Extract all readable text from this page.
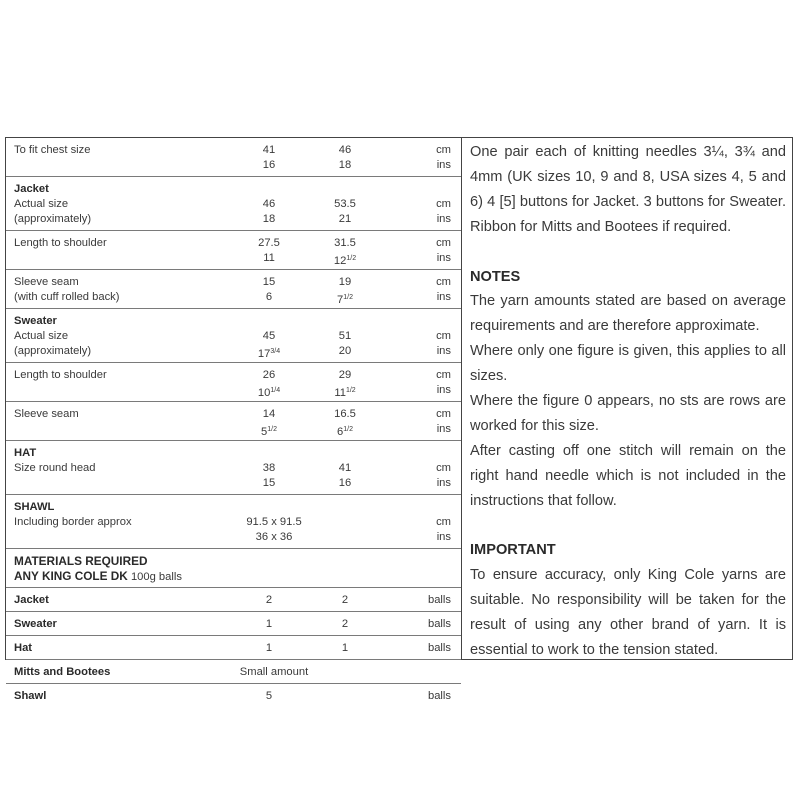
To fit chest size	41	46	cm
16	18	ins
Jacket
Actual size	46	53.5	cm
(approximately)	18	21	ins
Length to shoulder	27.5	31.5	cm
11	$12^{1/2}$	ins
Sleeve seam	15	19	cm
(with cuff rolled back)	6	$7^{1/2}$	ins
Sweater
Actual size	45	51	cm
(approximately)	$17^{3/4}$	20	ins
Length to shoulder	26	29	cm
$10^{1/4}$	$11^{1/2}$	ins
Sleeve seam	14	16.5	cm
$5^{1/2}$	$6^{1/2}$	ins
HAT
Size round head	38	41	cm
15	16	ins
SHAWL
Including border approx	91.5 x 91.5	cm
36 x 36	ins
MATERIALS REQUIRED
ANY KING COLE DK 100g balls
Jacket	2	2	balls
Sweater	1	2	balls
Hat	1	1	balls
Mitts and Bootees	Small amount
Shawl	5	balls

One pair each of knitting needles 3¼, 3¾ and 4mm (UK sizes 10, 9 and 8, USA sizes 4, 5 and 6) 4 [5] buttons for Jacket. 3 buttons for Sweater. Ribbon for Mitts and Bootees if required.

NOTES

The yarn amounts stated are based on average requirements and are therefore approximate.

Where only one figure is given, this applies to all sizes.

Where the figure 0 appears, no sts are rows are worked for this size.

After casting off one stitch will remain on the right hand needle which is not included in the instructions that follow.

IMPORTANT

To ensure accuracy, only King Cole yarns are suitable. No responsibility will be taken for the result of using any other brand of yarn. It is essential to work to the tension stated.
